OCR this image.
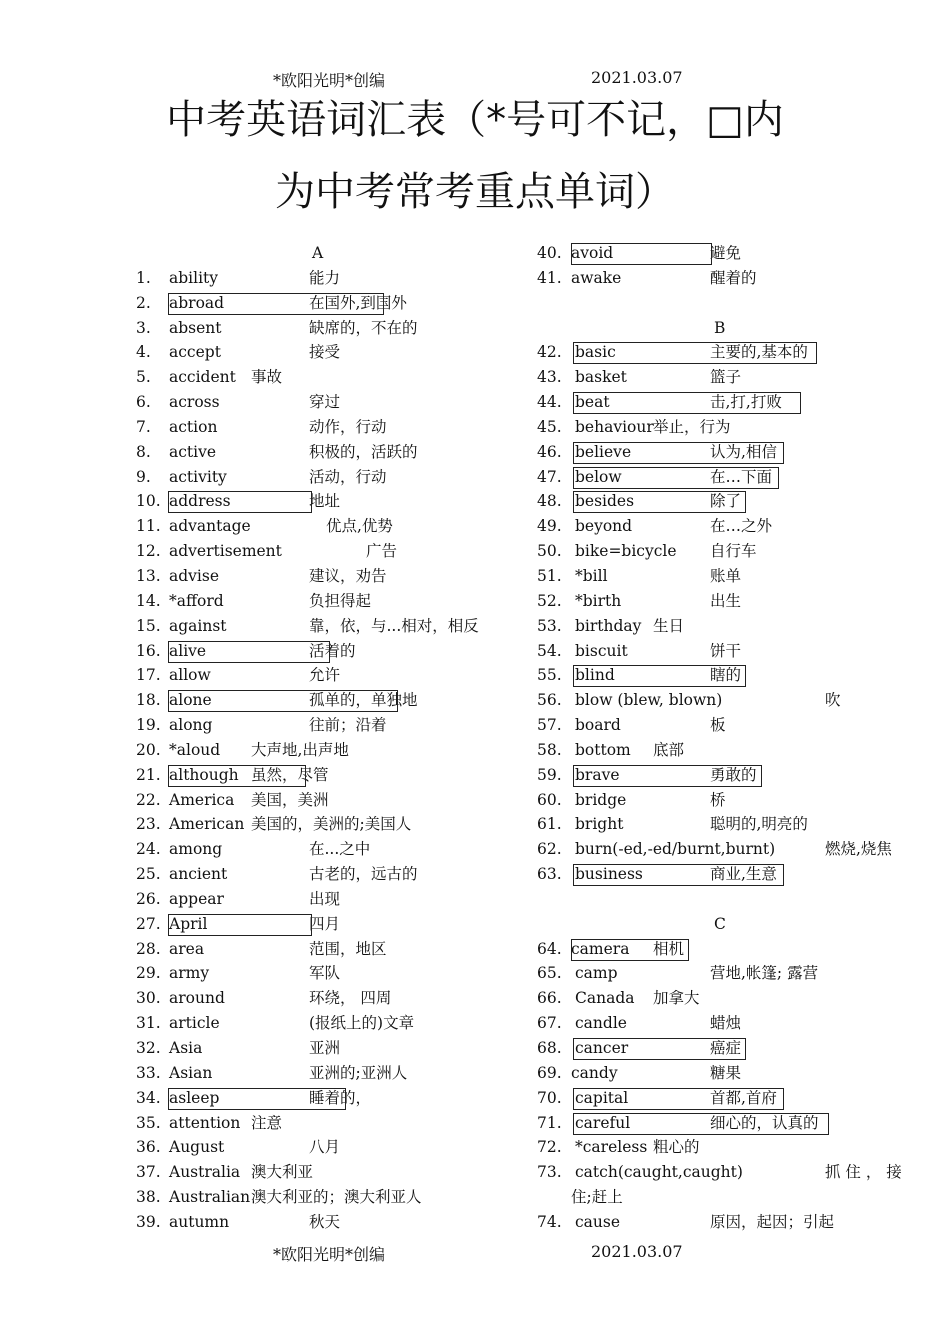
*欧阳光明*创编	2021.03.07
中考英语词汇表（*号可不记，□内
为中考常考重点单词）
A
1. ability	能力
2. abroad	在国外,到国外
3. absent	缺席的，不在的
4. accept	接受
5. accident 事故
6. across	穿过
7. action	动作，行动
8. active	积极的，活跃的
9. activity	活动，行动
10. address	地址
11. advantage	优点,优势
12. advertisement	广告
13. advise	建议，劝告
14. *afford	负担得起
15. against	靠，依，与...相对，相反
16. alive	活着的
17. allow	允许
18. alone	孤单的，单独地
19. along	往前；沿着
20. *aloud 大声地,出声地
21. although 虽然，尽管
22. America 美国，美洲
23. American 美国的，美洲的;美国人
24. among	在...之中
25. ancient	古老的，远古的
26. appear	出现
27. April	四月
28. area	范围，地区
29. army	军队
30. around	环绕， 四周
31. article	(报纸上的)文章
32. Asia	亚洲
33. Asian	亚洲的;亚洲人
34. asleep	睡着的，
35. attention 注意
36. August	八月
37. Australia 澳大利亚
38. Australian 澳大利亚的；澳大利亚人
39. autumn	秋天
40. avoid	避免
41. awake	醒着的
B
42. basic	主要的,基本的
43. basket	篮子
44. beat	击,打,打败
45. behaviour 举止，行为
46. believe	认为,相信
47. below	在…下面
48. besides	除了
49. beyond	在…之外
50. bike=bicycle 自行车
51. *bill	账单
52. *birth	出生
53. birthday 生日
54. biscuit	饼干
55. blind	瞎的
56. blow (blew, blown)	吹
57. board	板
58. bottom 底部
59. brave	勇敢的
60. bridge	桥
61. bright	聪明的,明亮的
62. burn(-ed,-ed/burnt,burnt)	燃烧,烧焦
63. business	商业,生意
C
64. camera 相机
65. camp	营地,帐篷; 露营
66. Canada 加拿大
67. candle	蜡烛
68. cancer	癌症
69. candy	糖果
70. capital	首都,首府
71. careful	细心的，认真的
72. *careless 粗心的
73. catch(caught,caught)	抓 住 ， 接
住;赶上
74. cause	原因，起因；引起
*欧阳光明*创编	2021.03.07
